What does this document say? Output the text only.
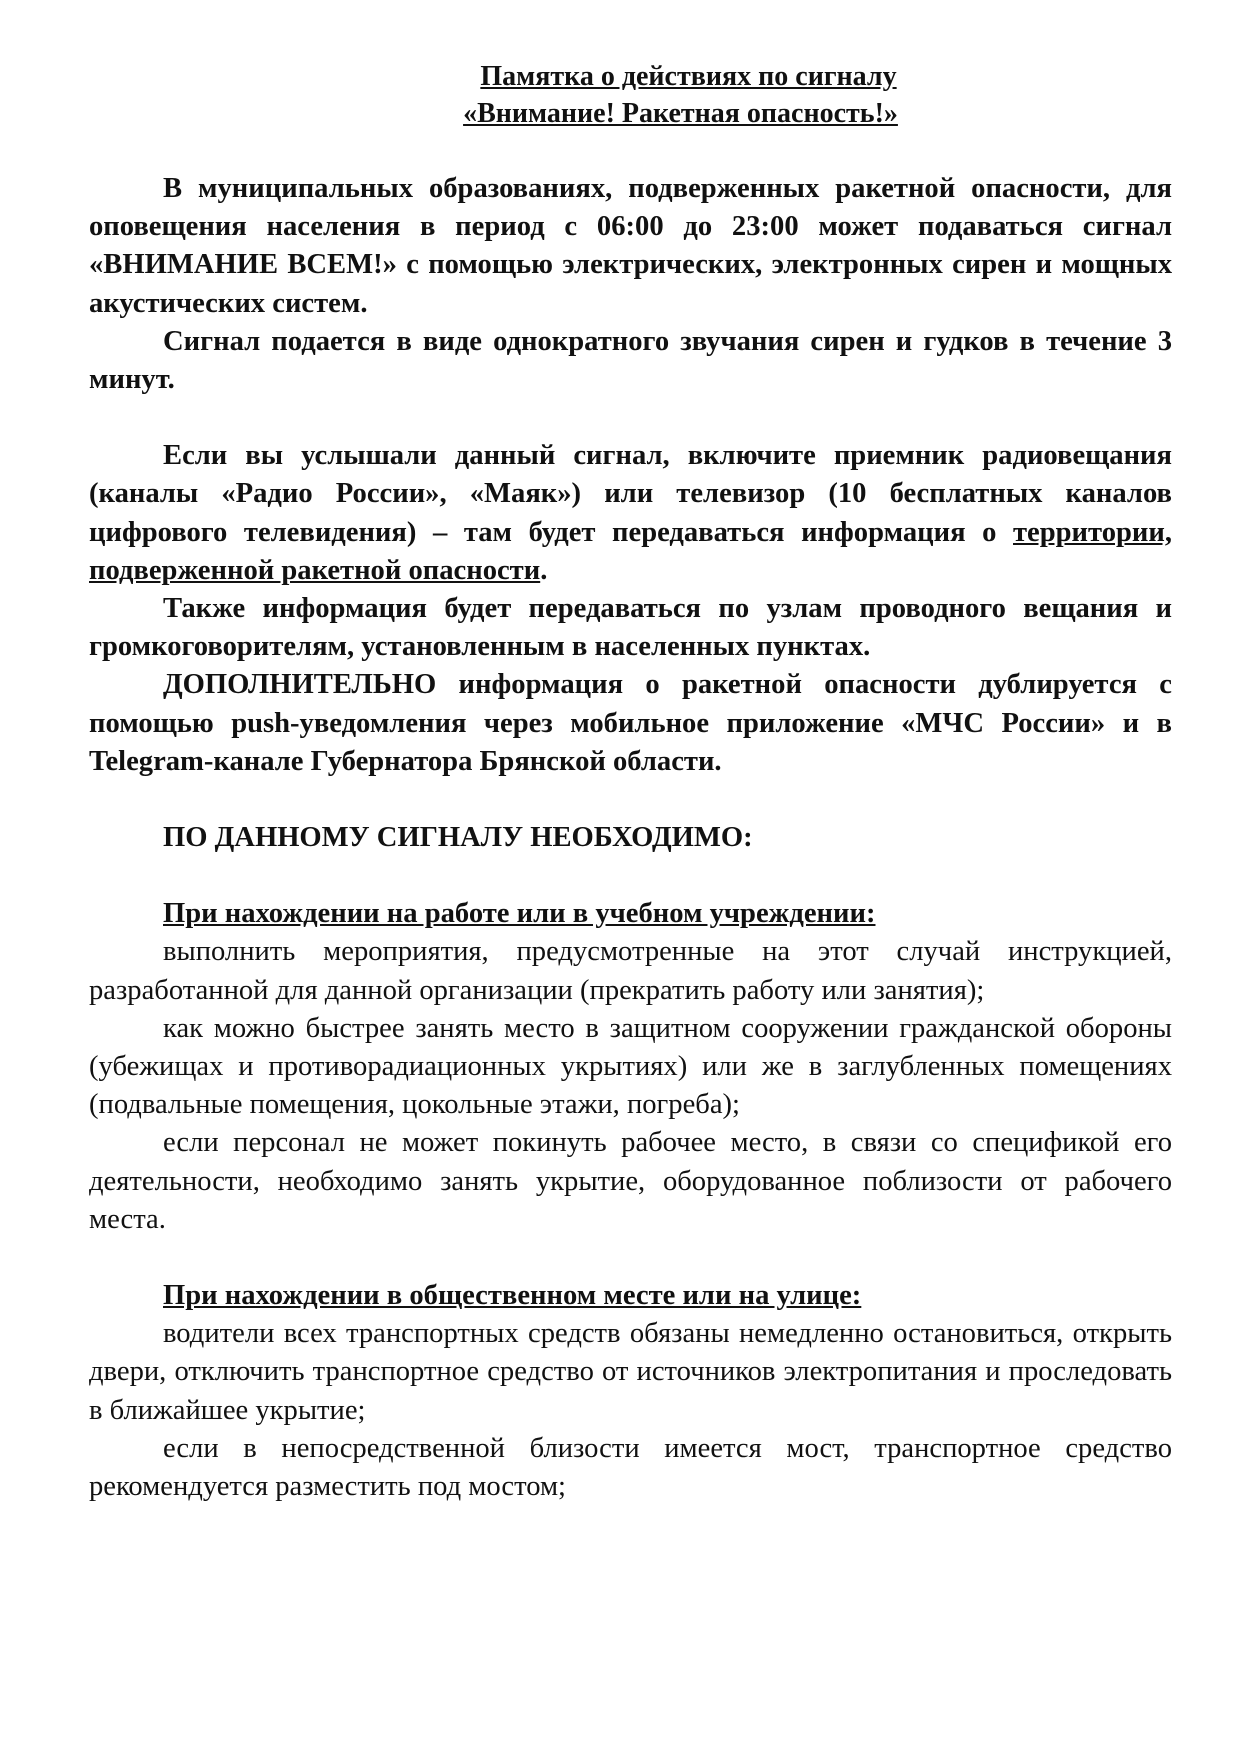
Памятка о действиях по сигналу
«Внимание! Ракетная опасность!»

В муниципальных образованиях, подверженных ракетной опасности, для оповещения населения в период с 06:00 до 23:00 может подаваться сигнал «ВНИМАНИЕ ВСЕМ!» с помощью электрических, электронных сирен и мощных акустических систем.

Сигнал подается в виде однократного звучания сирен и гудков в течение 3 минут.

Если вы услышали данный сигнал, включите приемник радиовещания (каналы «Радио России», «Маяк») или телевизор (10 бесплатных каналов цифрового телевидения) – там будет передаваться информация о территории, подверженной ракетной опасности.

Также информация будет передаваться по узлам проводного вещания и громкоговорителям, установленным в населенных пунктах.

ДОПОЛНИТЕЛЬНО информация о ракетной опасности дублируется с помощью push-уведомления через мобильное приложение «МЧС России» и в Telegram-канале Губернатора Брянской области.

ПО ДАННОМУ СИГНАЛУ НЕОБХОДИМО:

При нахождении на работе или в учебном учреждении:

выполнить мероприятия, предусмотренные на этот случай инструкцией, разработанной для данной организации (прекратить работу или занятия);

как можно быстрее занять место в защитном сооружении гражданской обороны (убежищах и противорадиационных укрытиях) или же в заглубленных помещениях (подвальные помещения, цокольные этажи, погреба);

если персонал не может покинуть рабочее место, в связи со спецификой его деятельности, необходимо занять укрытие, оборудованное поблизости от рабочего места.

При нахождении в общественном месте или на улице:

водители всех транспортных средств обязаны немедленно остановиться, открыть двери, отключить транспортное средство от источников электропитания и проследовать в ближайшее укрытие;

если в непосредственной близости имеется мост, транспортное средство рекомендуется разместить под мостом;
